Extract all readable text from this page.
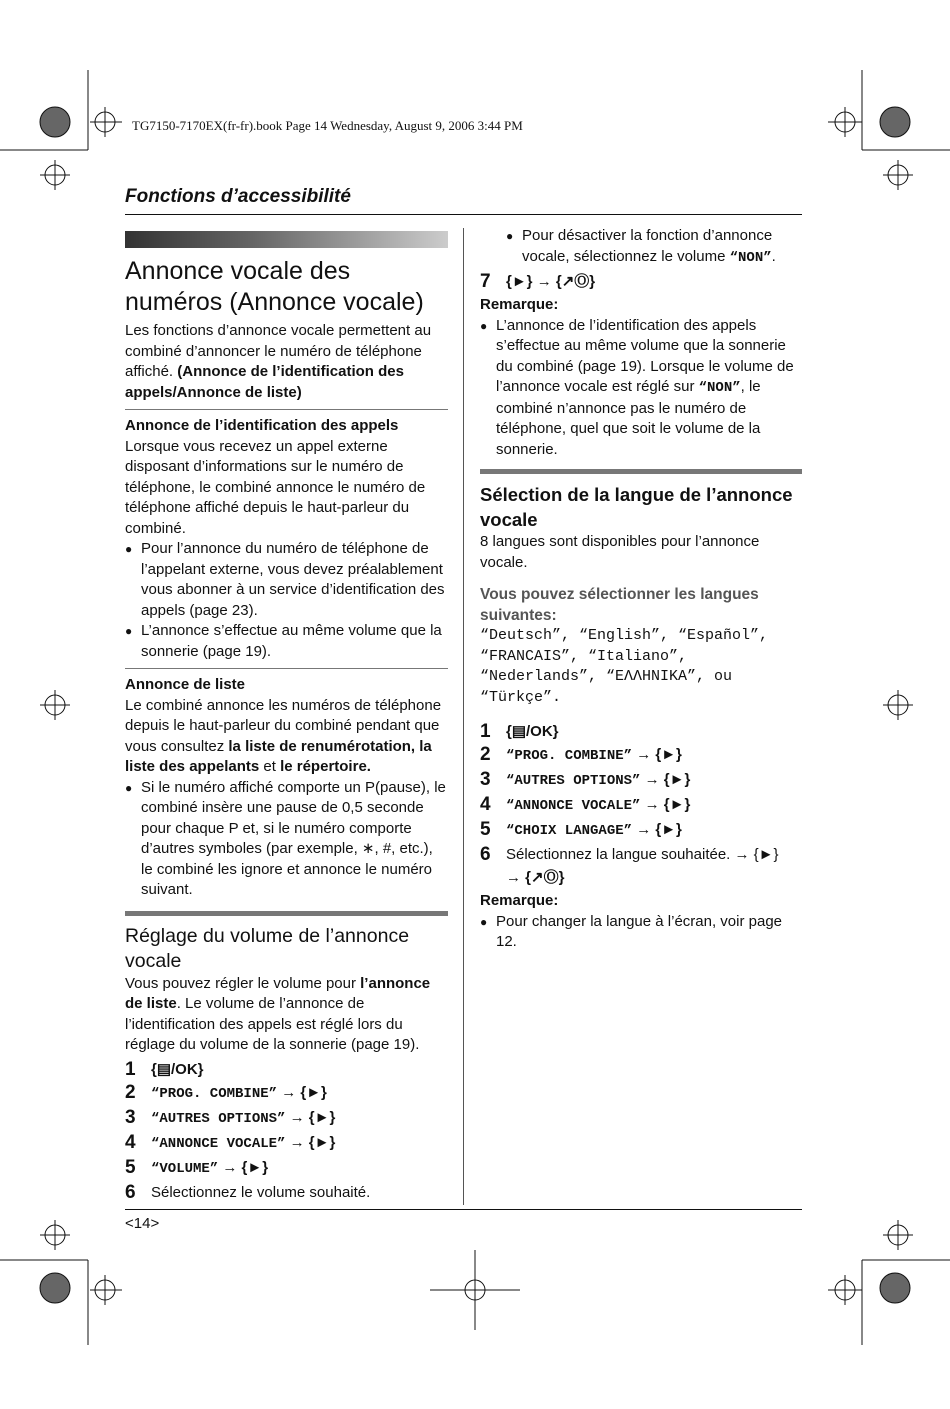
TG7150-7170EX(fr-fr).book Page 14 Wednesday, August 9, 2006 3:44 PM
Fonctions d’accessibilité
Annonce vocale des
numéros (Annonce vocale)

Les fonctions d’annonce vocale permettent au combiné d’annoncer le numéro de téléphone affiché. (Annonce de l’identification des appels/Annonce de liste)

Annonce de l’identification des appels

Lorsque vous recevez un appel externe disposant d’informations sur le numéro de téléphone, le combiné annonce le numéro de téléphone affiché depuis le haut-parleur du combiné.

● Pour l’annonce du numéro de téléphone de l’appelant externe, vous devez préalablement vous abonner à un service d’identification des appels (page 23).

● L’annonce s’effectue au même volume que la sonnerie (page 19).

Annonce de liste

Le combiné annonce les numéros de téléphone depuis le haut-parleur du combiné pendant que vous consultez la liste de renumérotation, la liste des appelants et le répertoire.

● Si le numéro affiché comporte un P(pause), le combiné insère une pause de 0,5 seconde pour chaque P et, si le numéro comporte d’autres symboles (par exemple, ∗, #, etc.), le combiné les ignore et annonce le numéro suivant.

Réglage du volume de l’annonce
vocale

Vous pouvez régler le volume pour l’annonce de liste. Le volume de l’annonce de l’identification des appels est réglé lors du réglage du volume de la sonnerie (page 19).

1 {▤/OK}
2 “PROG. COMBINE” → {►}
3 “AUTRES OPTIONS” → {►}
4 “ANNONCE VOCALE” → {►}
5 “VOLUME” → {►}
6 Sélectionnez le volume souhaité.

● Pour désactiver la fonction d’annonce vocale, sélectionnez le volume “NON”.

7 {►} → {↗Ⓞ}
Remarque:

● L’annonce de l’identification des appels s’effectue au même volume que la sonnerie du combiné (page 19). Lorsque le volume de l’annonce vocale est réglé sur “NON”, le combiné n’annonce pas le numéro de téléphone, quel que soit le volume de la sonnerie.

Sélection de la langue de l’annonce
vocale

8 langues sont disponibles pour l’annonce vocale.

Vous pouvez sélectionner les langues suivantes:

“Deutsch”, “English”, “Español”,

“FRANCAIS”, “Italiano”,

“Nederlands”, “ΕΛΛΗΝΙΚΑ”, ou

“Türkçe”.

1 {▤/OK}
2 “PROG. COMBINE” → {►}
3 “AUTRES OPTIONS” → {►}
4 “ANNONCE VOCALE” → {►}
5 “CHOIX LANGAGE” → {►}
6 Sélectionnez la langue souhaitée. → {►}
→ {↗Ⓞ}
Remarque:

● Pour changer la langue à l’écran, voir page 12.

<14>
